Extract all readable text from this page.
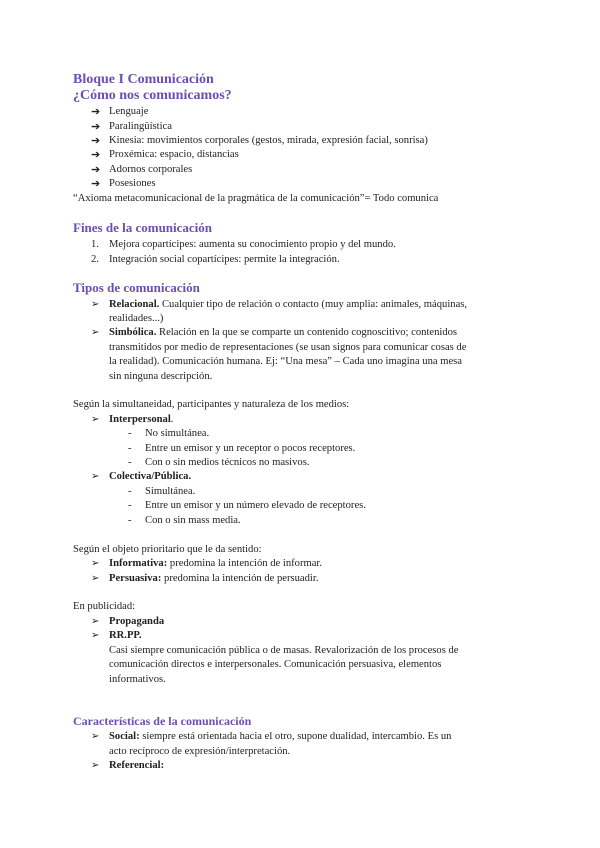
Bloque I Comunicación
¿Cómo nos comunicamos?
➔ Lenguaje
➔ Paralingüística
➔ Kinesia: movimientos corporales (gestos, mirada, expresión facial, sonrisa)
➔ Proxémica: espacio, distancias
➔ Adornos corporales
➔ Posesiones
“Axioma metacomunicacional de la pragmática de la comunicación”= Todo comunica
Fines de la comunicación
1. Mejora copartícipes: aumenta su conocimiento propio y del mundo.
2. Integración social copartícipes: permite la integración.
Tipos de comunicación
➢ Relacional. Cualquier tipo de relación o contacto (muy amplia: animales, máquinas,
realidades...)
➢ Simbólica. Relación en la que se comparte un contenido cognoscitivo; contenidos
transmitidos por medio de representaciones (se usan signos para comunicar cosas de
la realidad). Comunicación humana. Ej: “Una mesa” – Cada uno imagina una mesa
sin ninguna descripción.
Según la simultaneidad, participantes y naturaleza de los medios:
➢ Interpersonal.
- No simultánea.
- Entre un emisor y un receptor o pocos receptores.
- Con o sin medios técnicos no masivos.
➢ Colectiva/Pública.
- Simultánea.
- Entre un emisor y un número elevado de receptores.
- Con o sin mass media.
Según el objeto prioritario que le da sentido:
➢ Informativa: predomina la intención de informar.
➢ Persuasiva: predomina la intención de persuadir.
En publicidad:
➢ Propaganda
➢ RR.PP.
Casi siempre comunicación pública o de masas. Revalorización de los procesos de
comunicación directos e interpersonales. Comunicación persuasiva, elementos
informativos.
Características de la comunicación
➢ Social: siempre está orientada hacia el otro, supone dualidad, intercambio. Es un
acto recíproco de expresión/interpretación.
➢ Referencial:
